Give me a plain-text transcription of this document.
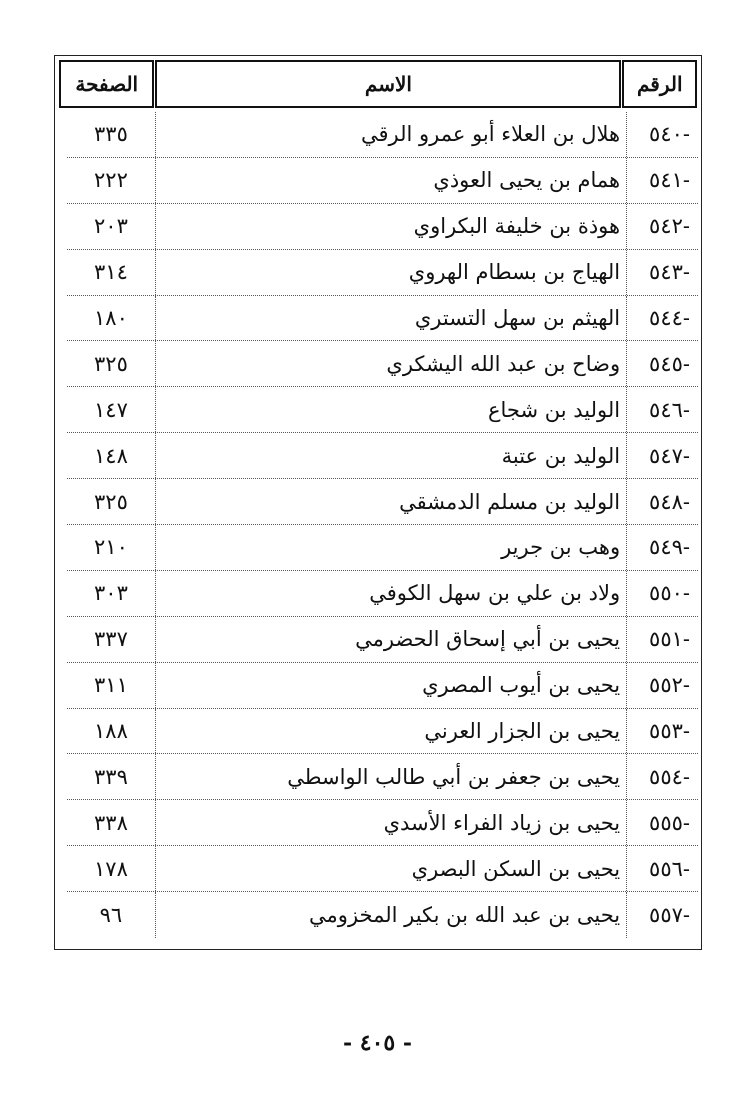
الرقم
الاسم
الصفحة
٥٤٠-
هلال بن العلاء أبو عمرو الرقي
٣٣٥
٥٤١-
همام بن يحيى العوذي
٢٢٢
٥٤٢-
هوذة بن خليفة البكراوي
٢٠٣
٥٤٣-
الهياج بن بسطام الهروي
٣١٤
٥٤٤-
الهيثم بن سهل التستري
١٨٠
٥٤٥-
وضاح بن عبد الله اليشكري
٣٢٥
٥٤٦-
الوليد بن شجاع
١٤٧
٥٤٧-
الوليد بن عتبة
١٤٨
٥٤٨-
الوليد بن مسلم الدمشقي
٣٢٥
٥٤٩-
وهب بن جرير
٢١٠
٥٥٠-
ولاد بن علي بن سهل الكوفي
٣٠٣
٥٥١-
يحيى بن أبي إسحاق الحضرمي
٣٣٧
٥٥٢-
يحيى بن أيوب المصري
٣١١
٥٥٣-
يحيى بن الجزار العرني
١٨٨
٥٥٤-
يحيى بن جعفر بن أبي طالب الواسطي
٣٣٩
٥٥٥-
يحيى بن زياد الفراء الأسدي
٣٣٨
٥٥٦-
يحيى بن السكن البصري
١٧٨
٥٥٧-
يحيى بن عبد الله بن بكير المخزومي
٩٦
- ٤٠٥ -
